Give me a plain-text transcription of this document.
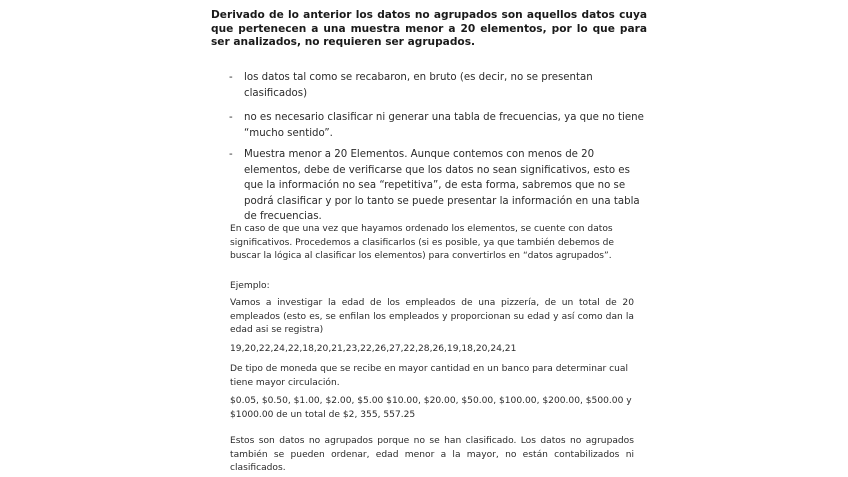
Derivado de lo anterior los datos no agrupados son aquellos datos cuya que pertenecen a una muestra menor a 20 elementos, por lo que para ser analizados, no requieren ser agrupados.

- los datos tal como se recabaron, en bruto (es decir, no se presentan clasificados)
- no es necesario clasificar ni generar una tabla de frecuencias, ya que no tiene “mucho sentido”.
- Muestra menor a 20 Elementos. Aunque contemos con menos de 20 elementos, debe de verificarse que los datos no sean significativos, esto es que la información no sea “repetitiva”, de esta forma, sabremos que no se podrá clasificar y por lo tanto se puede presentar la información en una tabla de frecuencias.

En caso de que una vez que hayamos ordenado los elementos, se cuente con datos significativos. Procedemos a clasificarlos (si es posible, ya que también debemos de buscar la lógica al clasificar los elementos) para convertirlos en “datos agrupados”.

Ejemplo:

Vamos a investigar la edad de los empleados de una pizzería, de un total de 20 empleados (esto es, se enfilan los empleados y proporcionan su edad y así como dan la edad asi se registra)

19,20,22,24,22,18,20,21,23,22,26,27,22,28,26,19,18,20,24,21

De tipo de moneda que se recibe en mayor cantidad en un banco para determinar cual tiene mayor circulación.

$0.05, $0.50, $1.00, $2.00, $5.00 $10.00, $20.00, $50.00, $100.00, $200.00, $500.00 y $1000.00 de un total de $2, 355, 557.25

Estos son datos no agrupados porque no se han clasificado. Los datos no agrupados también se pueden ordenar, edad menor a la mayor, no están contabilizados ni clasificados.
